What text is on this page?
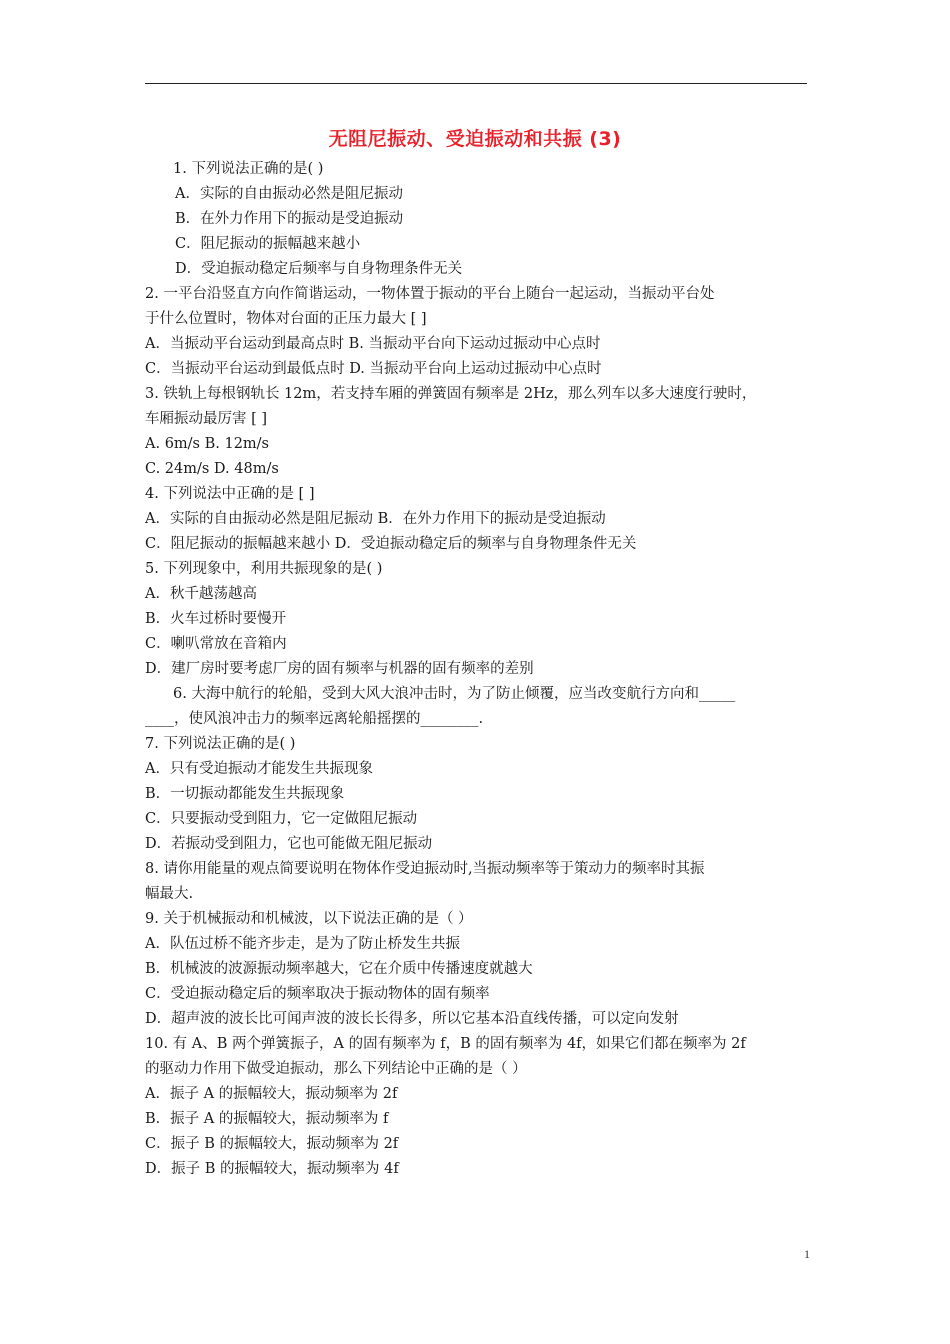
无阻尼振动、受迫振动和共振 (3)
1. 下列说法正确的是( )
A．实际的自由振动必然是阻尼振动
B．在外力作用下的振动是受迫振动
C．阻尼振动的振幅越来越小
D．受迫振动稳定后频率与自身物理条件无关
2. 一平台沿竖直方向作简谐运动，一物体置于振动的平台上随台一起运动，当振动平台处
于什么位置时，物体对台面的正压力最大 [ ]
A．当振动平台运动到最高点时 B. 当振动平台向下运动过振动中心点时
C．当振动平台运动到最低点时 D. 当振动平台向上运动过振动中心点时
3. 铁轨上每根钢轨长 12m，若支持车厢的弹簧固有频率是 2Hz，那么列车以多大速度行驶时，
车厢振动最厉害 [ ]
A. 6m/s B. 12m/s
C. 24m/s D. 48m/s
4. 下列说法中正确的是 [ ]
A．实际的自由振动必然是阻尼振动 B．在外力作用下的振动是受迫振动
C．阻尼振动的振幅越来越小 D．受迫振动稳定后的频率与自身物理条件无关
5. 下列现象中，利用共振现象的是( )
A．秋千越荡越高
B．火车过桥时要慢开
C．喇叭常放在音箱内
D．建厂房时要考虑厂房的固有频率与机器的固有频率的差别
6. 大海中航行的轮船，受到大风大浪冲击时，为了防止倾覆，应当改变航行方向和_____
____，使风浪冲击力的频率远离轮船摇摆的________.
7. 下列说法正确的是( )
A．只有受迫振动才能发生共振现象
B．一切振动都能发生共振现象
C．只要振动受到阻力，它一定做阻尼振动
D．若振动受到阻力，它也可能做无阻尼振动
8. 请你用能量的观点简要说明在物体作受迫振动时,当振动频率等于策动力的频率时其振
幅最大.
9. 关于机械振动和机械波，以下说法正确的是（ ）
A．队伍过桥不能齐步走，是为了防止桥发生共振
B．机械波的波源振动频率越大，它在介质中传播速度就越大
C．受迫振动稳定后的频率取决于振动物体的固有频率
D．超声波的波长比可闻声波的波长长得多，所以它基本沿直线传播，可以定向发射
10. 有 A、B 两个弹簧振子，A 的固有频率为 f，B 的固有频率为 4f，如果它们都在频率为 2f
的驱动力作用下做受迫振动，那么下列结论中正确的是（ ）
A．振子 A 的振幅较大，振动频率为 2f
B．振子 A 的振幅较大，振动频率为 f
C．振子 B 的振幅较大，振动频率为 2f
D．振子 B 的振幅较大，振动频率为 4f
1
